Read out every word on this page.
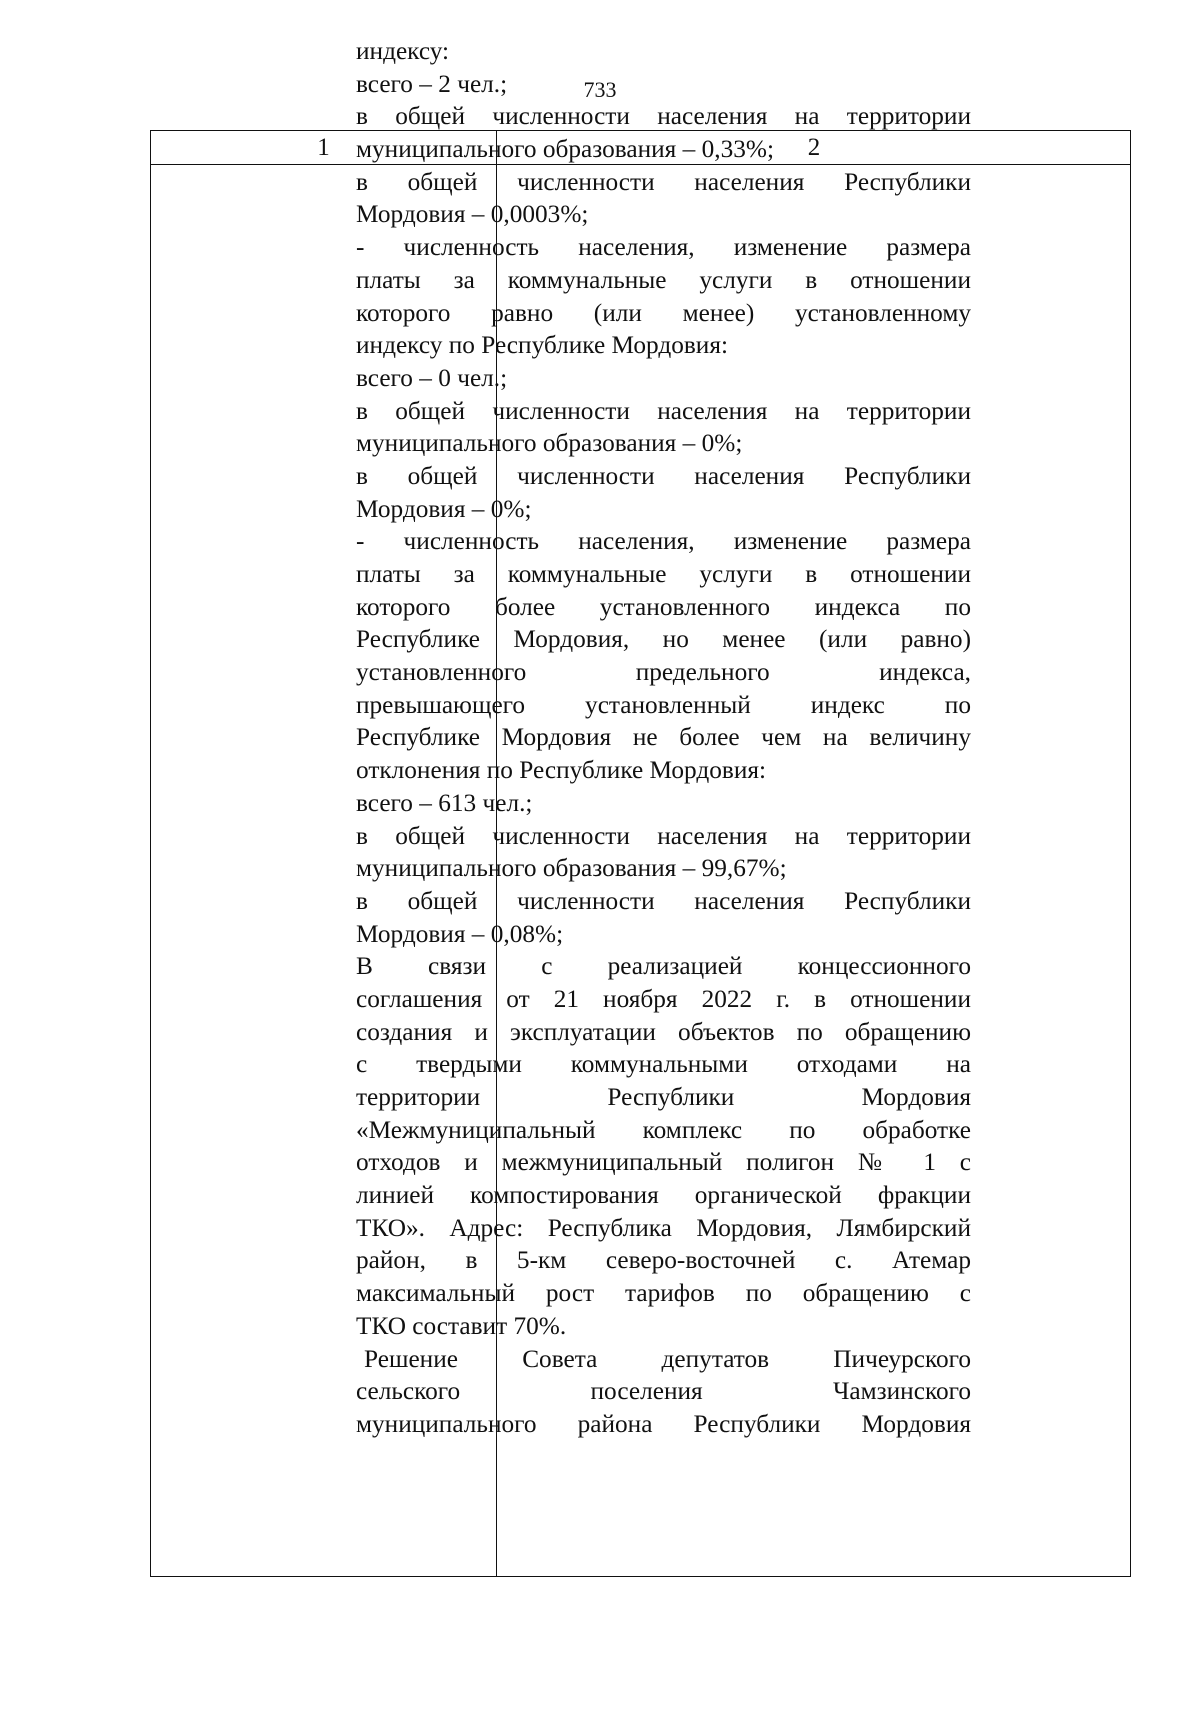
733
1	2
индексу:
всего – 2 чел.;
в общей численности населения на территории
муниципального образования – 0,33%;
в общей численности населения Республики
Мордовия – 0,0003%;
- численность населения, изменение размера
платы за коммунальные услуги в отношении
которого равно (или менее) установленному
индексу по Республике Мордовия:
всего – 0 чел.;
в общей численности населения на территории
муниципального образования – 0%;
в общей численности населения Республики
Мордовия – 0%;
- численность населения, изменение размера
платы за коммунальные услуги в отношении
которого более установленного индекса по
Республике Мордовия, но менее (или равно)
установленного предельного индекса,
превышающего установленный индекс по
Республике Мордовия не более чем на величину
отклонения по Республике Мордовия:
всего – 613 чел.;
в общей численности населения на территории
муниципального образования – 99,67%;
в общей численности населения Республики
Мордовия – 0,08%;
В связи с реализацией концессионного
соглашения от 21 ноября 2022 г. в отношении
создания и эксплуатации объектов по обращению
с твердыми коммунальными отходами на
территории Республики Мордовия
«Межмуниципальный комплекс по обработке
отходов и межмуниципальный полигон № 1 с
линией компостирования органической фракции
ТКО». Адрес: Республика Мордовия, Лямбирский
район, в 5-км северо-восточней с. Атемар
максимальный рост тарифов по обращению с
ТКО составит 70%.
Решение Совета депутатов Пичеурского
сельского поселения Чамзинского
муниципального района Республики Мордовия
